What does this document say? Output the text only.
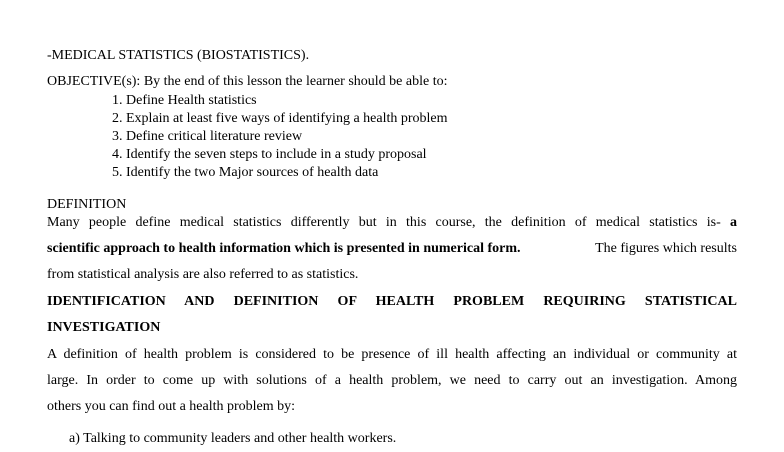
-MEDICAL STATISTICS (BIOSTATISTICS).
OBJECTIVE(s): By the end of this lesson the learner should be able to:
1. Define Health statistics
2. Explain at least five ways of identifying a health problem
3. Define critical literature review
4. Identify the seven steps to include in a study proposal
5. Identify the two Major sources of health data
DEFINITION
Many people define medical statistics differently but in this course, the definition of medical statistics is- a
scientific approach to health information which is presented in numerical form.	The figures which results
from statistical analysis are also referred to as statistics.
IDENTIFICATION AND DEFINITION OF HEALTH PROBLEM REQUIRING STATISTICAL
INVESTIGATION
A definition of health problem is considered to be presence of ill health affecting an individual or community at
large. In order to come up with solutions of a health problem, we need to carry out an investigation. Among
others you can find out a health problem by:
a) Talking to community leaders and other health workers.
